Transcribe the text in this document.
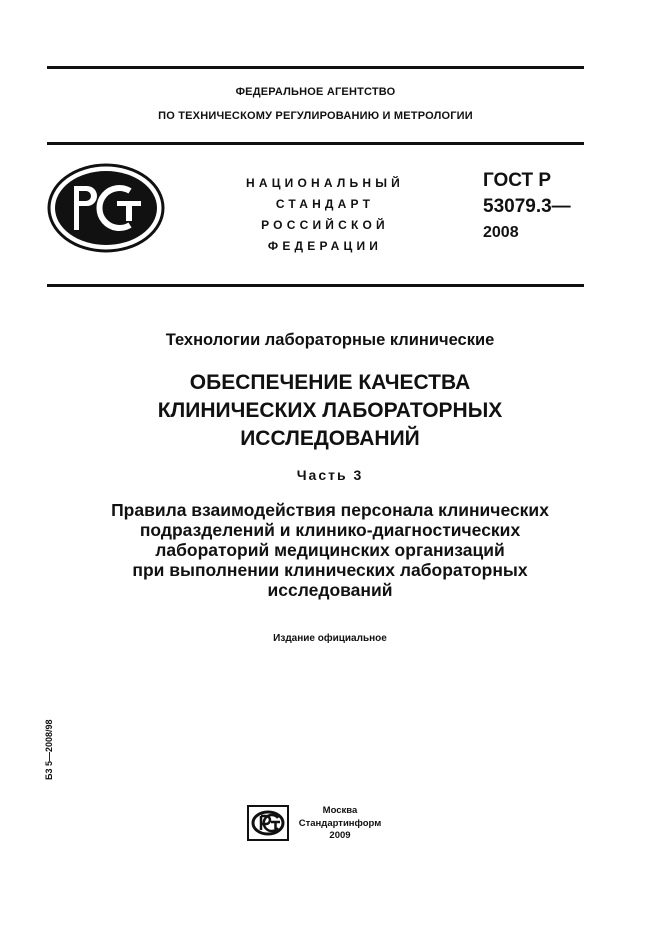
ФЕДЕРАЛЬНОЕ АГЕНТСТВО
ПО ТЕХНИЧЕСКОМУ РЕГУЛИРОВАНИЮ И МЕТРОЛОГИИ
НАЦИОНАЛЬНЫЙ
СТАНДАРТ
РОССИЙСКОЙ
ФЕДЕРАЦИИ
ГОСТ Р
53079.3—
2008
Технологии лабораторные клинические
ОБЕСПЕЧЕНИЕ КАЧЕСТВА
КЛИНИЧЕСКИХ ЛАБОРАТОРНЫХ
ИССЛЕДОВАНИЙ
Часть 3
Правила взаимодействия персонала клинических
подразделений и клинико-диагностических
лабораторий медицинских организаций
при выполнении клинических лабораторных
исследований
Издание официальное
Б3 5—2008/98
Москва
Стандартинформ
2009
